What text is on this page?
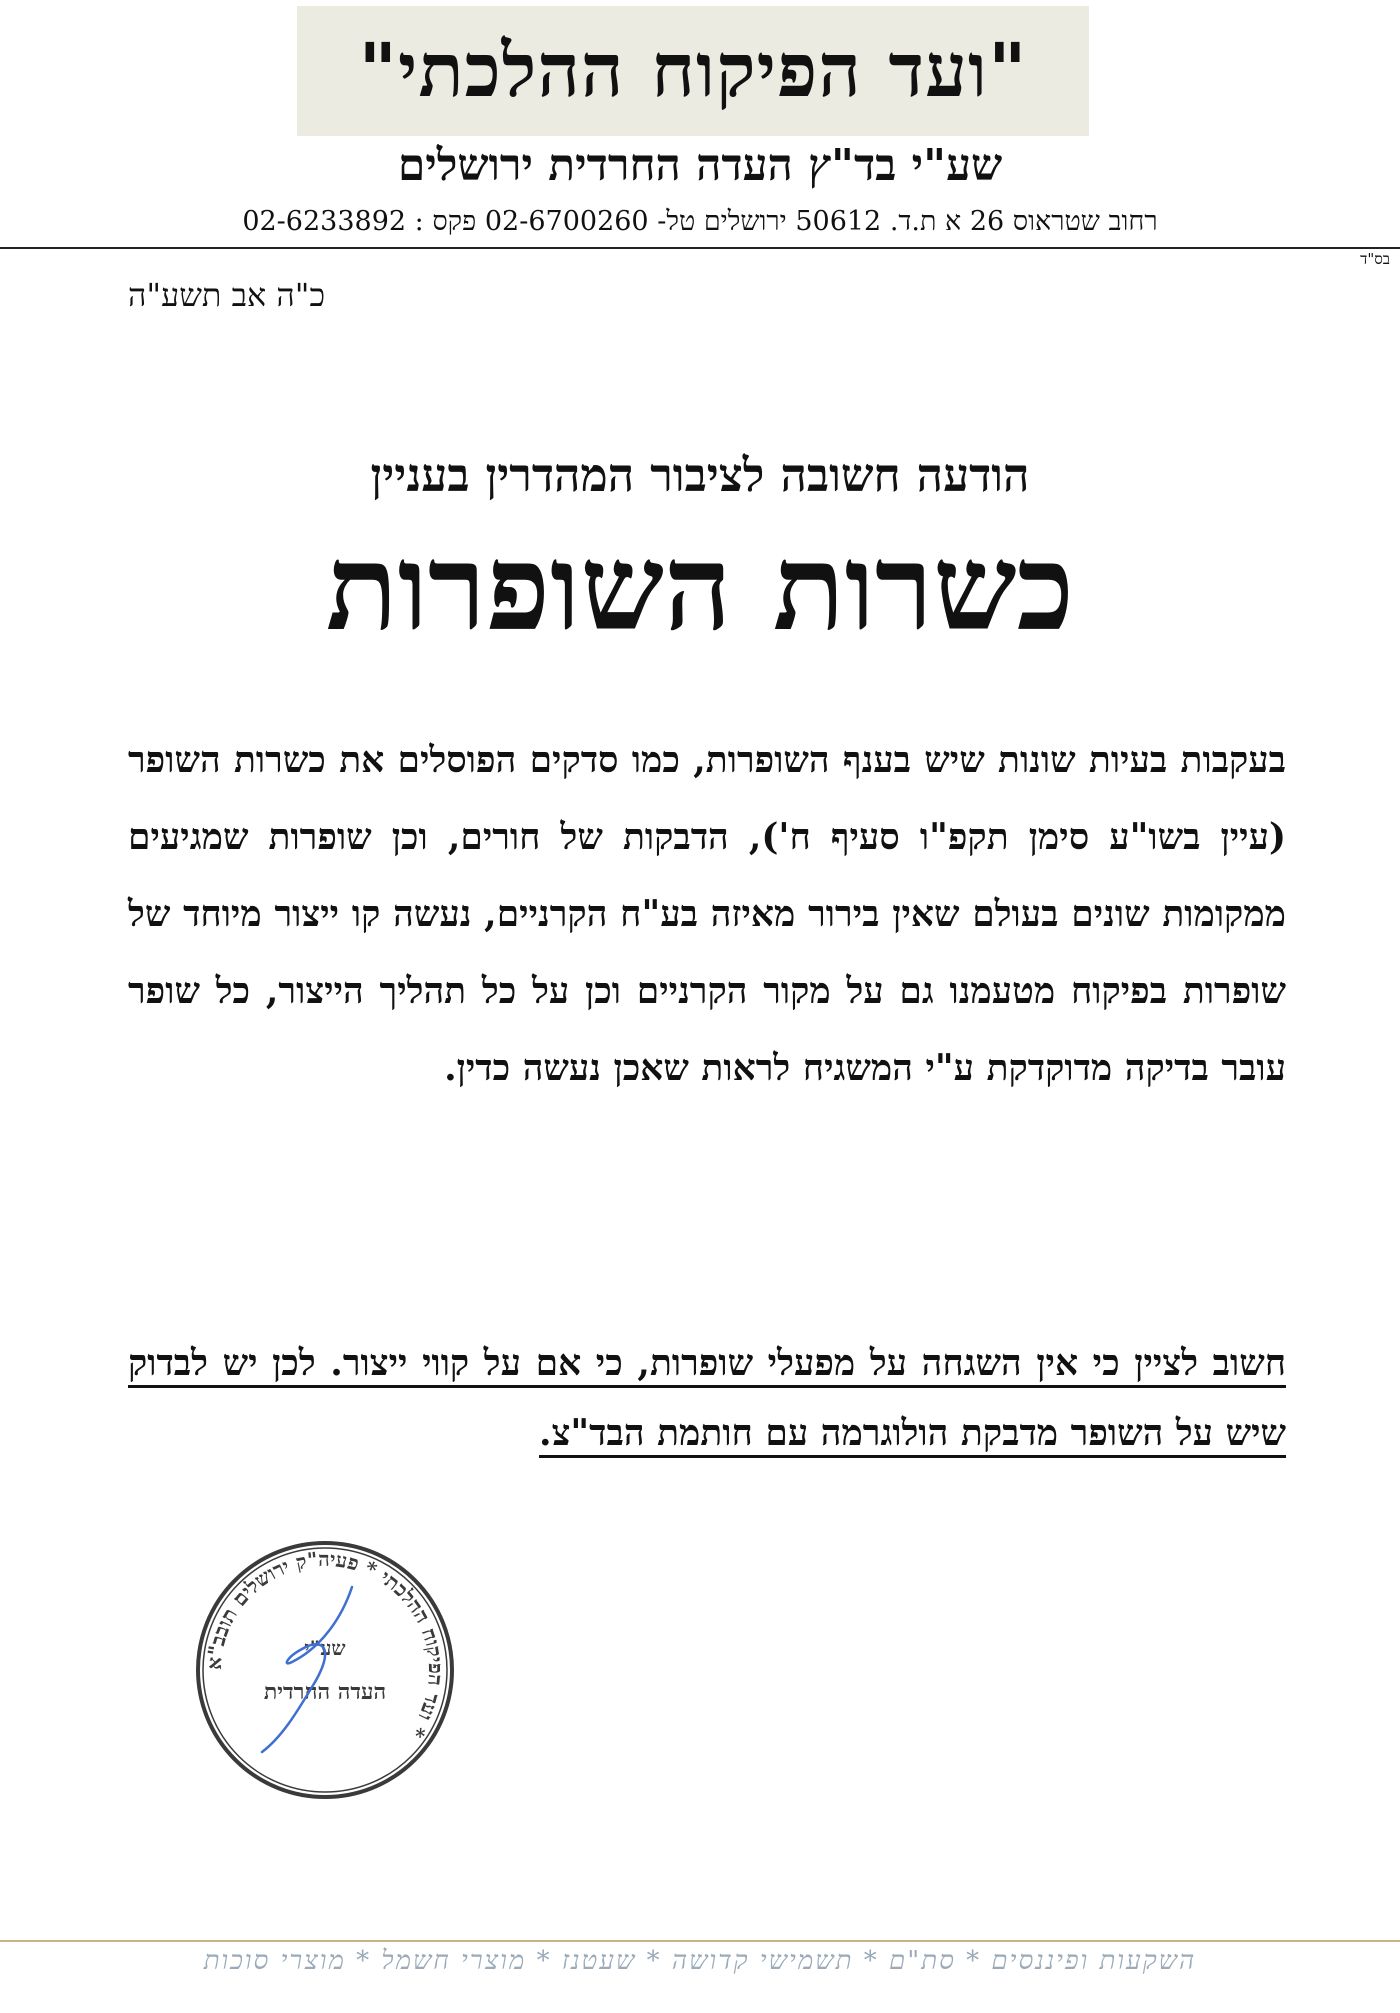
"ועד הפיקוח ההלכתי"
שע"י בד"ץ העדה החרדית ירושלים
רחוב שטראוס 26 א ת.ד. 50612 ירושלים טל- 02-6700260 פקס : 02-6233892
בס"ד
כ"ה אב תשע"ה
הודעה חשובה לציבור המהדרין בעניין
כשרות השופרות
בעקבות בעיות שונות שיש בענף השופרות, כמו סדקים הפוסלים את כשרות השופר (עיין בשו"ע סימן תקפ"ו סעיף ח'), הדבקות של חורים, וכן שופרות שמגיעים ממקומות שונים בעולם שאין בירור מאיזה בע"ח הקרניים, נעשה קו ייצור מיוחד של שופרות בפיקוח מטעמנו גם על מקור הקרניים וכן על כל תהליך הייצור, כל שופר עובר בדיקה מדוקדקת ע"י המשגיח לראות שאכן נעשה כדין.
חשוב לציין כי אין השגחה על מפעלי שופרות, כי אם על קווי ייצור. לכן יש לבדוק שיש על השופר מדבקת הולוגרמה עם חותמת הבד"צ.
ועד הפיקוח ההלכתי * פעיה"ק ירושלים תובב"א *
שע"י
העדה החרדית
השקעות ופיננסים * סת"ם * תשמישי קדושה * שעטנז * מוצרי חשמל * מוצרי סוכות
